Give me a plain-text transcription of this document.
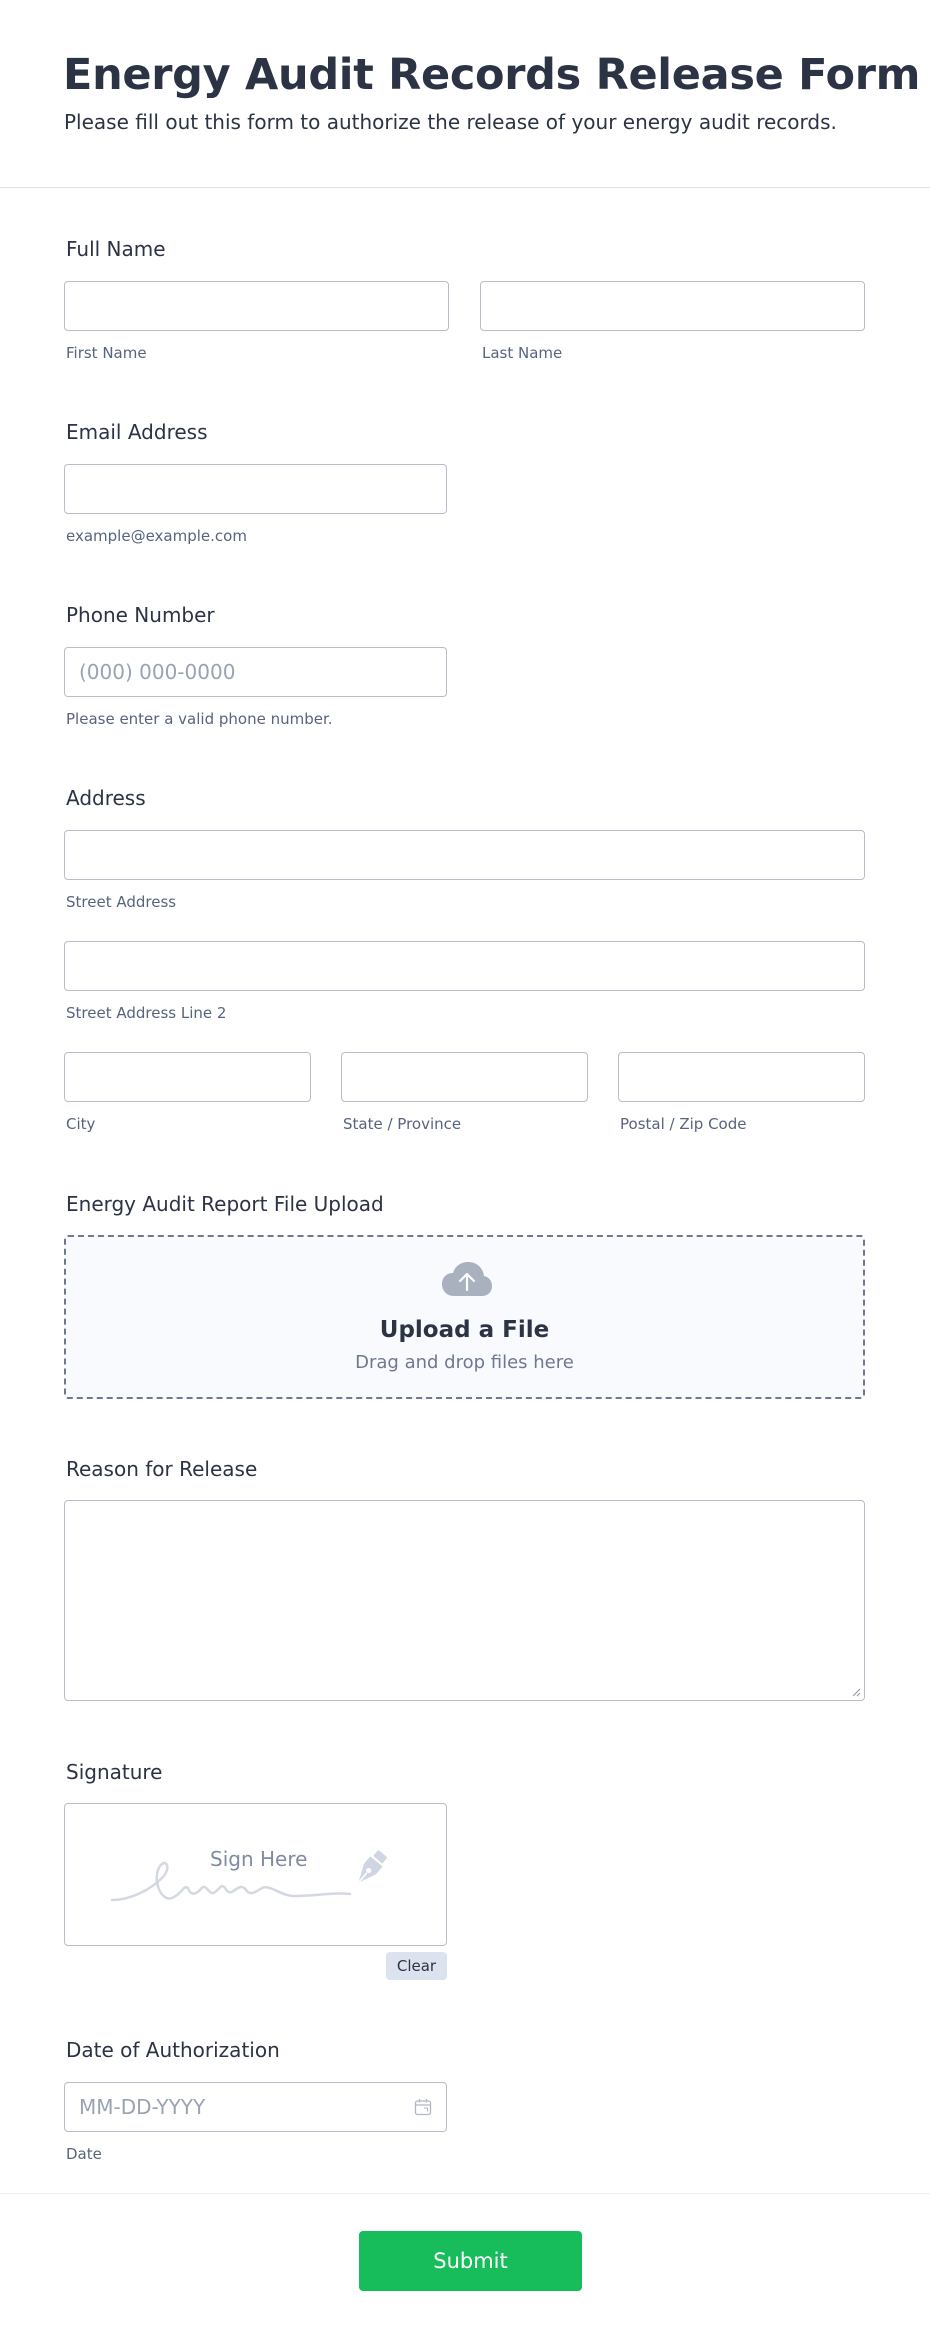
Energy Audit Records Release Form

Please fill out this form to authorize the release of your energy audit records.

Full Name
First Name	Last Name
Email Address
example@example.com
Phone Number
(000) 000-0000
Please enter a valid phone number.
Address
Street Address
Street Address Line 2
City	State / Province	Postal / Zip Code
Energy Audit Report File Upload
Upload a File
Drag and drop files here
Reason for Release
Signature
Sign Here
Clear
Date of Authorization
MM-DD-YYYY
Date
Submit
